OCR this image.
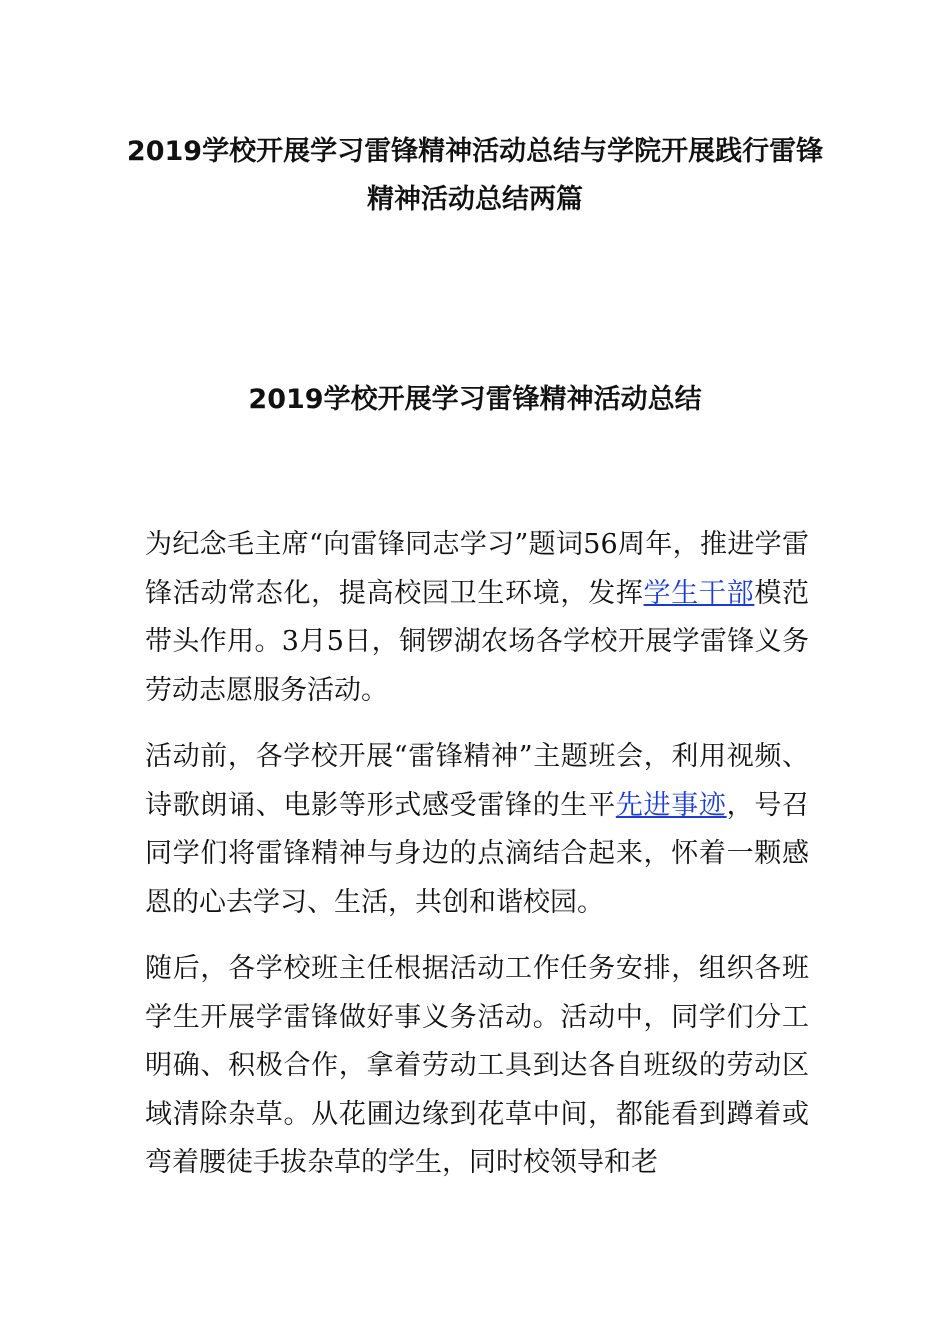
2019学校开展学习雷锋精神活动总结与学院开展践行雷锋精神活动总结两篇
2019学校开展学习雷锋精神活动总结

为纪念毛主席“向雷锋同志学习”题词56周年，推进学雷锋活动常态化，提高校园卫生环境，发挥学生干部模范带头作用。3月5日，铜锣湖农场各学校开展学雷锋义务劳动志愿服务活动。

活动前，各学校开展“雷锋精神”主题班会，利用视频、诗歌朗诵、电影等形式感受雷锋的生平先进事迹，号召同学们将雷锋精神与身边的点滴结合起来，怀着一颗感恩的心去学习、生活，共创和谐校园。

随后，各学校班主任根据活动工作任务安排，组织各班学生开展学雷锋做好事义务活动。活动中，同学们分工明确、积极合作，拿着劳动工具到达各自班级的劳动区域清除杂草。从花圃边缘到花草中间，都能看到蹲着或弯着腰徒手拔杂草的学生，同时校领导和老
